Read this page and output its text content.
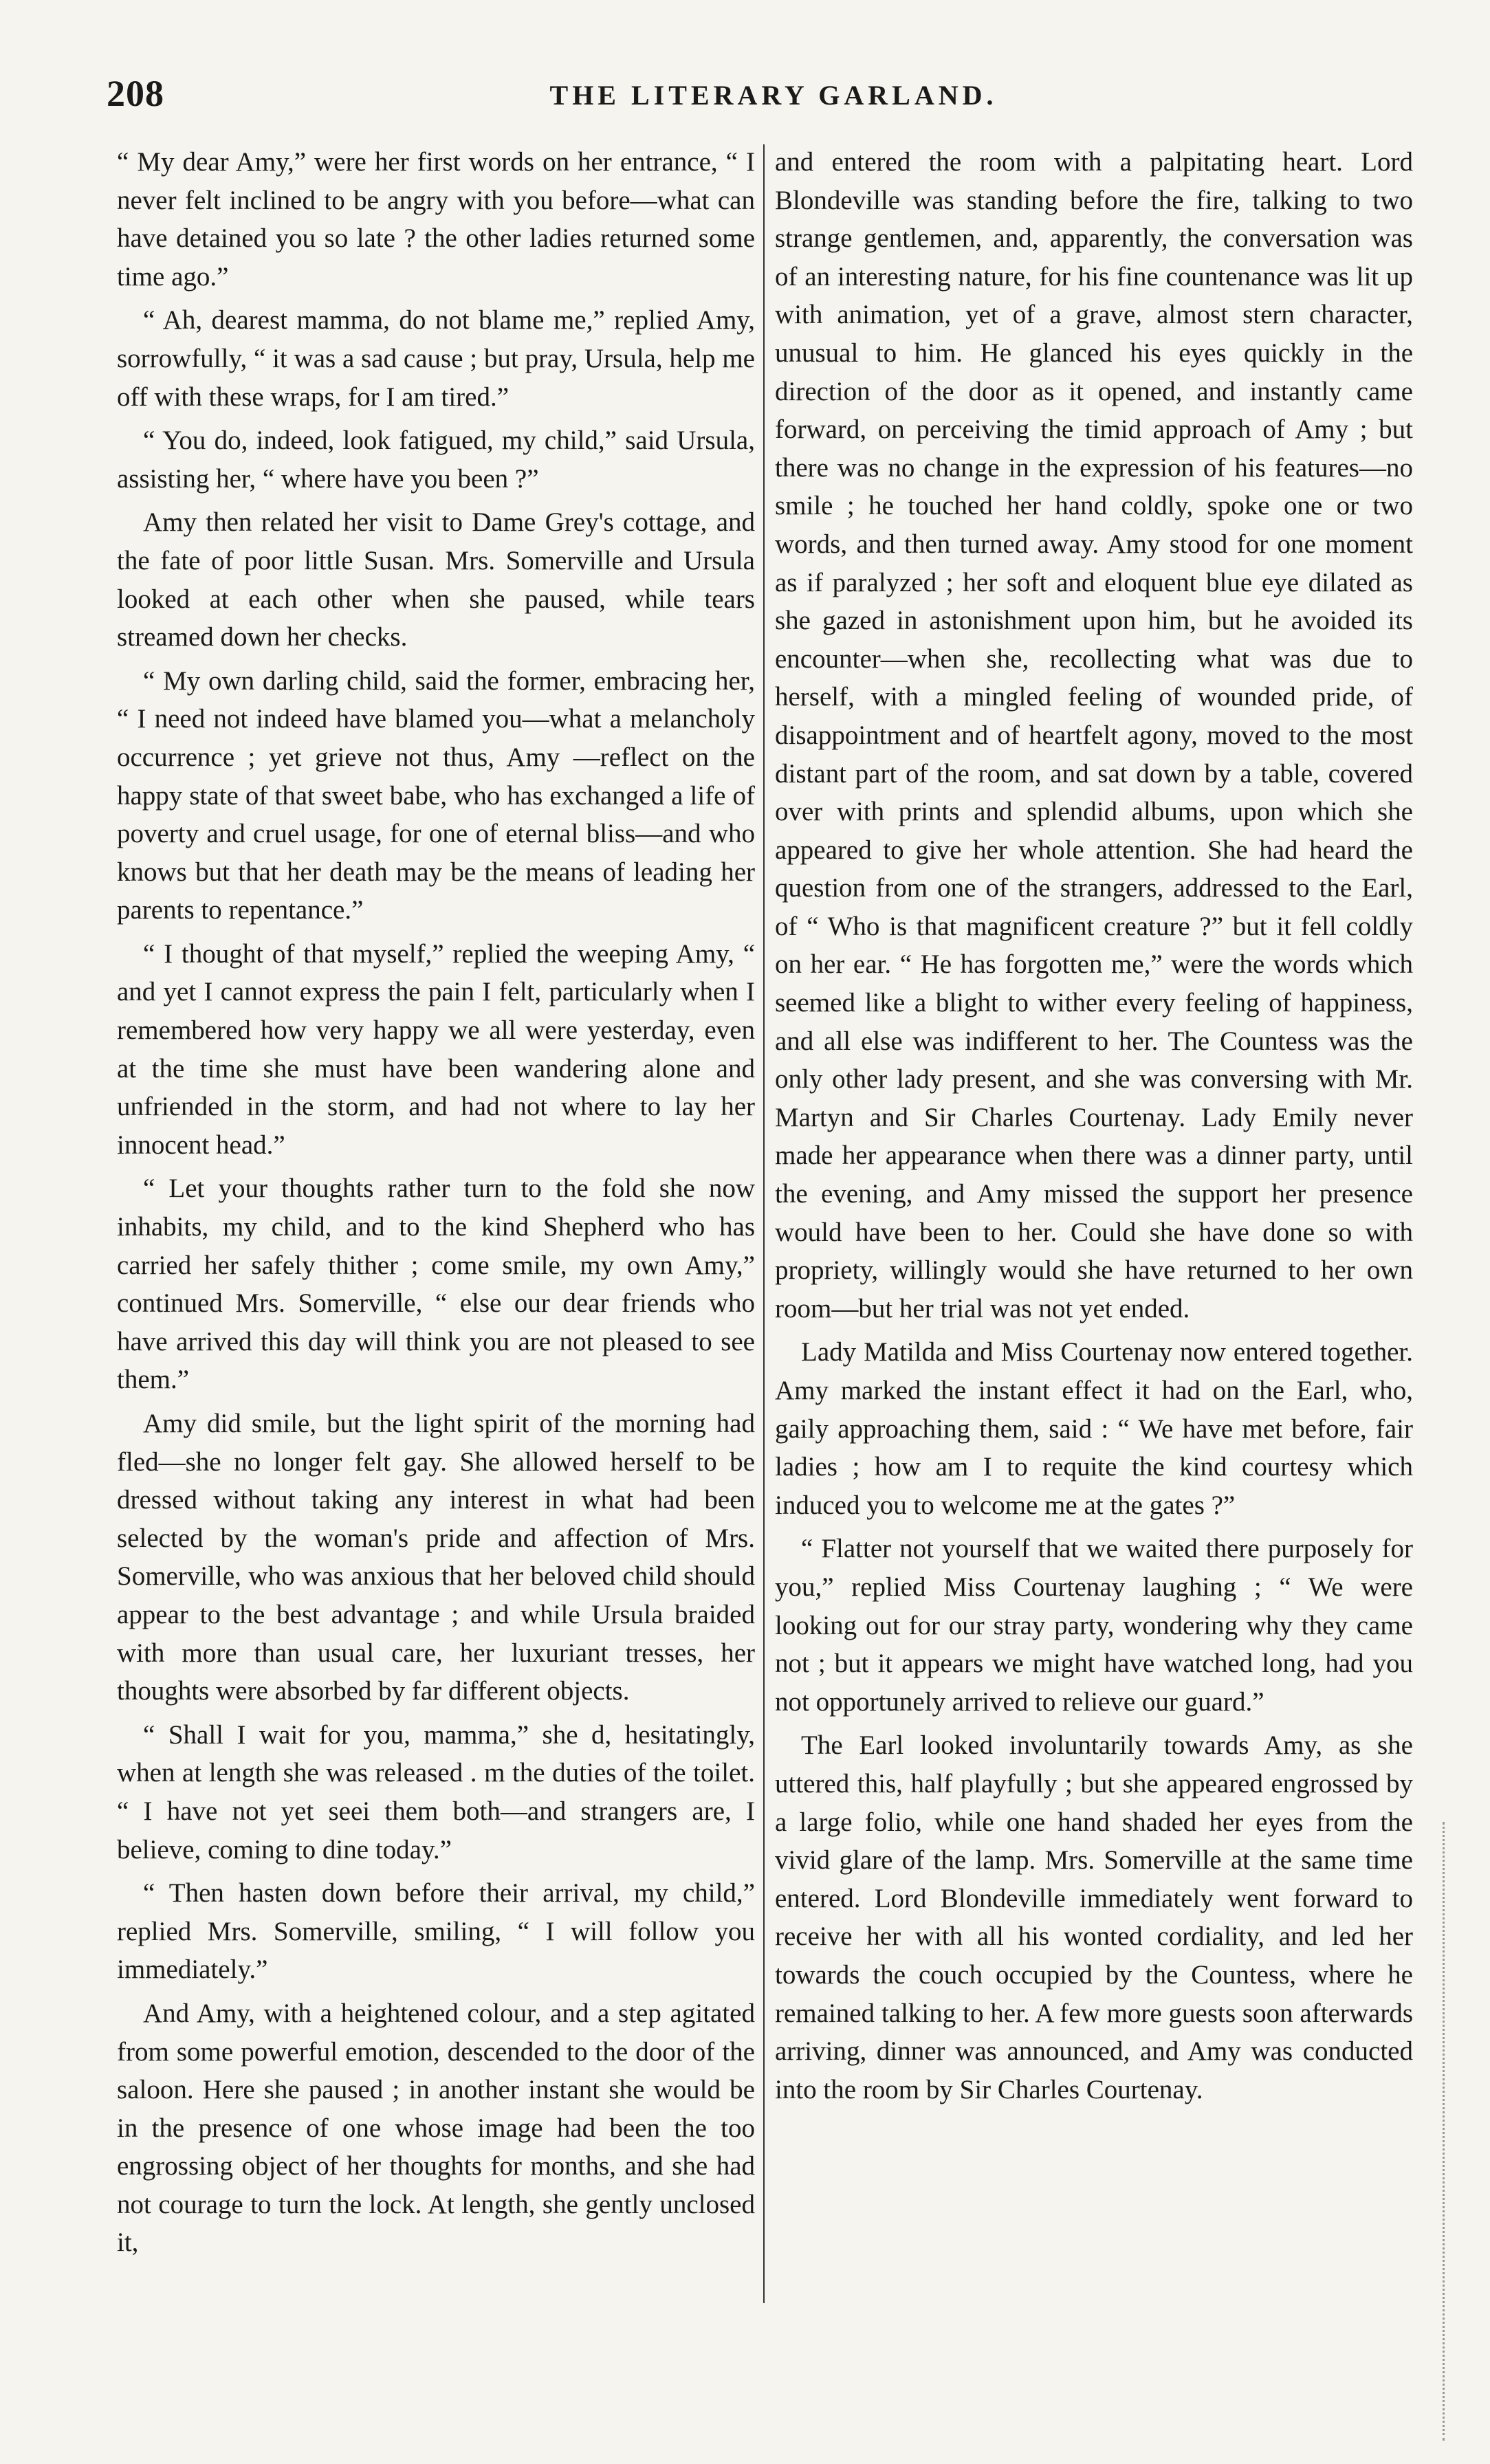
208	THE LITERARY GARLAND.

“ My dear Amy,” were her first words on her entrance, “ I never felt inclined to be angry with you before—what can have detained you so late ? the other ladies returned some time ago.”

“ Ah, dearest mamma, do not blame me,” replied Amy, sorrowfully, “ it was a sad cause ; but pray, Ursula, help me off with these wraps, for I am tired.”

“ You do, indeed, look fatigued, my child,” said Ursula, assisting her, “ where have you been ?”

Amy then related her visit to Dame Grey's cottage, and the fate of poor little Susan. Mrs. Somerville and Ursula looked at each other when she paused, while tears streamed down her checks.

“ My own darling child, said the former, embracing her, “ I need not indeed have blamed you—what a melancholy occurrence ; yet grieve not thus, Amy —reflect on the happy state of that sweet babe, who has exchanged a life of poverty and cruel usage, for one of eternal bliss—and who knows but that her death may be the means of leading her parents to repentance.”

“ I thought of that myself,” replied the weeping Amy, “ and yet I cannot express the pain I felt, particularly when I remembered how very happy we all were yesterday, even at the time she must have been wandering alone and unfriended in the storm, and had not where to lay her innocent head.”

“ Let your thoughts rather turn to the fold she now inhabits, my child, and to the kind Shepherd who has carried her safely thither ; come smile, my own Amy,” continued Mrs. Somerville, “ else our dear friends who have arrived this day will think you are not pleased to see them.”

Amy did smile, but the light spirit of the morning had fled—she no longer felt gay. She allowed herself to be dressed without taking any interest in what had been selected by the woman's pride and affection of Mrs. Somerville, who was anxious that her beloved child should appear to the best advantage ; and while Ursula braided with more than usual care, her luxuriant tresses, her thoughts were absorbed by far different objects.

“ Shall I wait for you, mamma,” she d, hesitatingly, when at length she was released . m the duties of the toilet. “ I have not yet seei them both—and strangers are, I believe, coming to dine today.”

“ Then hasten down before their arrival, my child,” replied Mrs. Somerville, smiling, “ I will follow you immediately.”

And Amy, with a heightened colour, and a step agitated from some powerful emotion, descended to the door of the saloon. Here she paused ; in another instant she would be in the presence of one whose image had been the too engrossing object of her thoughts for months, and she had not courage to turn the lock. At length, she gently unclosed it,

and entered the room with a palpitating heart. Lord Blondeville was standing before the fire, talking to two strange gentlemen, and, apparently, the conversation was of an interesting nature, for his fine countenance was lit up with animation, yet of a grave, almost stern character, unusual to him. He glanced his eyes quickly in the direction of the door as it opened, and instantly came forward, on perceiving the timid approach of Amy ; but there was no change in the expression of his features—no smile ; he touched her hand coldly, spoke one or two words, and then turned away. Amy stood for one moment as if paralyzed ; her soft and eloquent blue eye dilated as she gazed in astonishment upon him, but he avoided its encounter—when she, recollecting what was due to herself, with a mingled feeling of wounded pride, of disappointment and of heartfelt agony, moved to the most distant part of the room, and sat down by a table, covered over with prints and splendid albums, upon which she appeared to give her whole attention. She had heard the question from one of the strangers, addressed to the Earl, of “ Who is that magnificent creature ?” but it fell coldly on her ear. “ He has forgotten me,” were the words which seemed like a blight to wither every feeling of happiness, and all else was indifferent to her. The Countess was the only other lady present, and she was conversing with Mr. Martyn and Sir Charles Courtenay. Lady Emily never made her appearance when there was a dinner party, until the evening, and Amy missed the support her presence would have been to her. Could she have done so with propriety, willingly would she have returned to her own room—but her trial was not yet ended.

Lady Matilda and Miss Courtenay now entered together. Amy marked the instant effect it had on the Earl, who, gaily approaching them, said : “ We have met before, fair ladies ; how am I to requite the kind courtesy which induced you to welcome me at the gates ?”

“ Flatter not yourself that we waited there purposely for you,” replied Miss Courtenay laughing ; “ We were looking out for our stray party, wondering why they came not ; but it appears we might have watched long, had you not opportunely arrived to relieve our guard.”

The Earl looked involuntarily towards Amy, as she uttered this, half playfully ; but she appeared engrossed by a large folio, while one hand shaded her eyes from the vivid glare of the lamp. Mrs. Somerville at the same time entered. Lord Blondeville immediately went forward to receive her with all his wonted cordiality, and led her towards the couch occupied by the Countess, where he remained talking to her. A few more guests soon afterwards arriving, dinner was announced, and Amy was conducted into the room by Sir Charles Courtenay.
